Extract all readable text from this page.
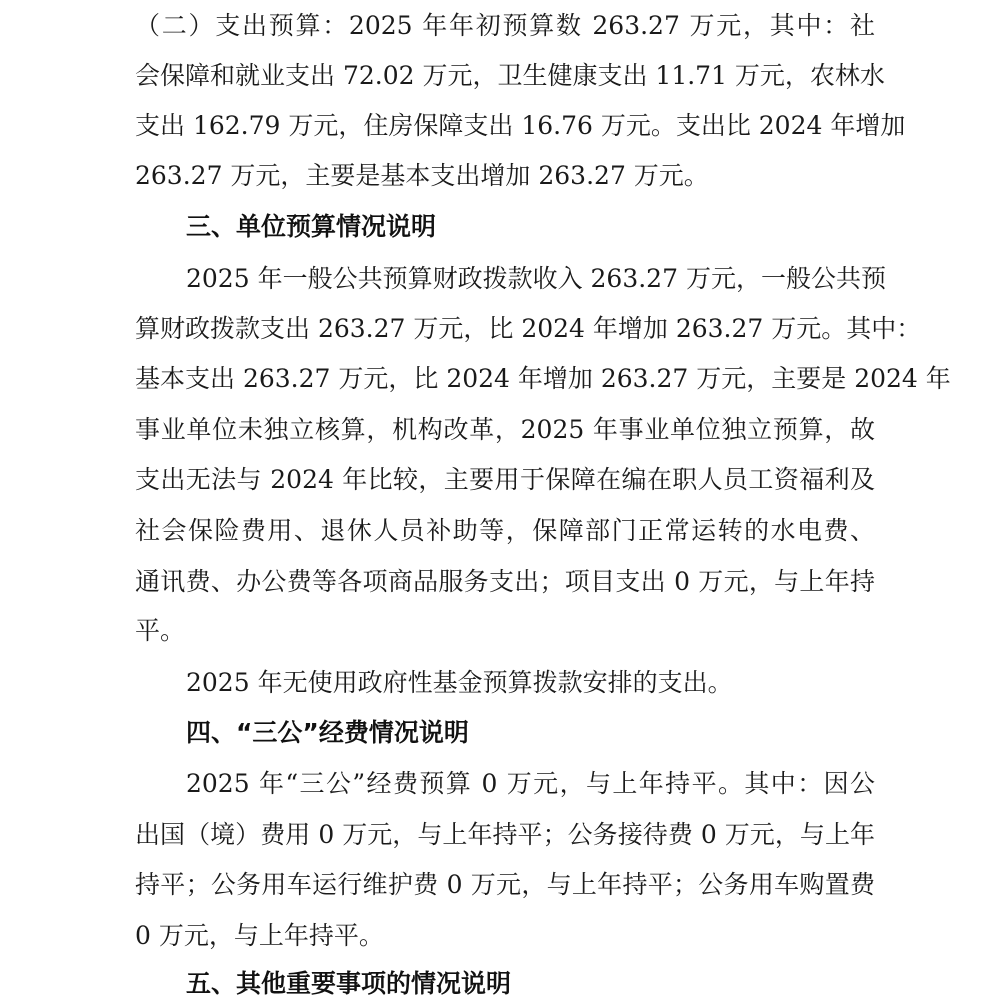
（二）支出预算：2025 年年初预算数 263.27 万元，其中：社

会保障和就业支出 72.02 万元，卫生健康支出 11.71 万元，农林水

支出 162.79 万元，住房保障支出 16.76 万元。支出比 2024 年增加

263.27 万元，主要是基本支出增加 263.27 万元。

三、单位预算情况说明

2025 年一般公共预算财政拨款收入 263.27 万元，一般公共预

算财政拨款支出 263.27 万元，比 2024 年增加 263.27 万元。其中：

基本支出 263.27 万元，比 2024 年增加 263.27 万元，主要是 2024 年

事业单位未独立核算，机构改革，2025 年事业单位独立预算，故

支出无法与 2024 年比较，主要用于保障在编在职人员工资福利及

社会保险费用、退休人员补助等，保障部门正常运转的水电费、

通讯费、办公费等各项商品服务支出；项目支出 0 万元，与上年持

平。

2025 年无使用政府性基金预算拨款安排的支出。

四、“三公”经费情况说明

2025 年“三公”经费预算 0 万元，与上年持平。其中：因公

出国（境）费用 0 万元，与上年持平；公务接待费 0 万元，与上年

持平；公务用车运行维护费 0 万元，与上年持平；公务用车购置费

0 万元，与上年持平。

五、其他重要事项的情况说明
